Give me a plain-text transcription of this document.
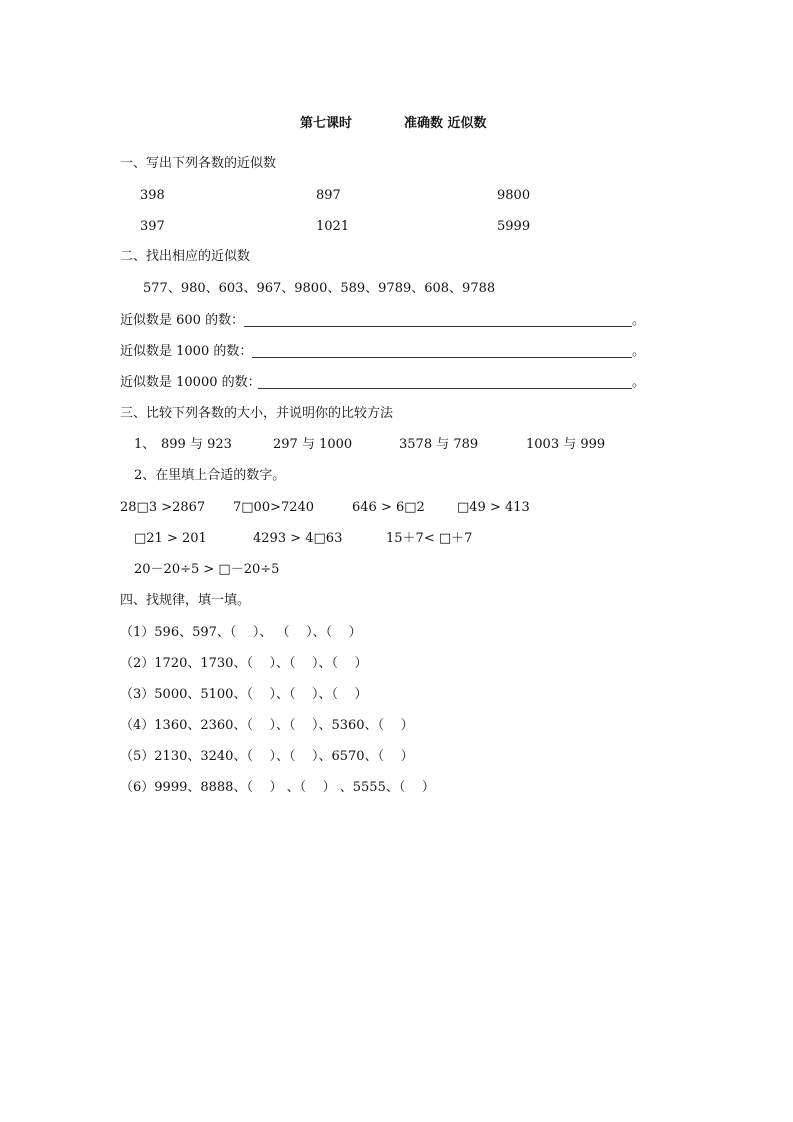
第七课时	准确数 近似数
一、写出下列各数的近似数
398	897	9800
397	1021	5999
二、找出相应的近似数
577、980、603、967、9800、589、9789、608、9788
近似数是 600 的数：	。
近似数是 1000 的数：	。
近似数是 10000 的数：	。
三、比较下列各数的大小，并说明你的比较方法
1、 899 与 923	297 与 1000	3578 与 789	1003 与 999
2、在里填上合适的数字。
28□3 >2867 7□00>7240	646 > 6□2 □49 > 413
□21 > 201	4293 > 4□63	15＋7< □＋7
20－20÷5 > □－20÷5
四、找规律，填一填。
（1）596、597、（    ）、 （    ）、（    ）
（2）1720、1730、（    ）、（    ）、（    ）
（3）5000、5100、（    ）、（    ）、（    ）
（4）1360、2360、（    ）、（    ）、5360、（    ）
（5）2130、3240、（    ）、（    ）、6570、（    ）
（6）9999、8888、（    ） 、（    ） 、5555、（    ）
